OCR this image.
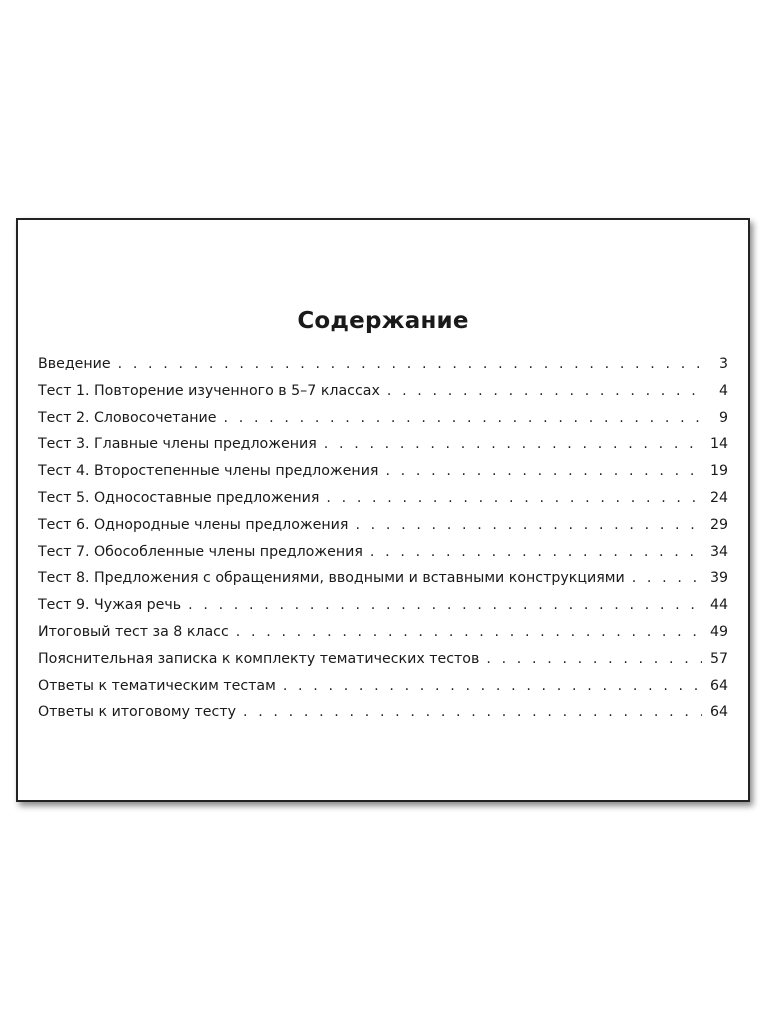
Содержание
Введение . . .	3
Тест 1. Повторение изученного в 5–7 классах . . .	4
Тест 2. Словосочетание . . .	9
Тест 3. Главные члены предложения . . .	14
Тест 4. Второстепенные члены предложения . . .	19
Тест 5. Односоставные предложения . . .	24
Тест 6. Однородные члены предложения . . .	29
Тест 7. Обособленные члены предложения . . .	34
Тест 8. Предложения с обращениями, вводными и вставными конструкциями . . .	39
Тест 9. Чужая речь . . .	44
Итоговый тест за 8 класс . . .	49
Пояснительная записка к комплекту тематических тестов . . .	57
Ответы к тематическим тестам . . .	64
Ответы к итоговому тесту . . .	64
